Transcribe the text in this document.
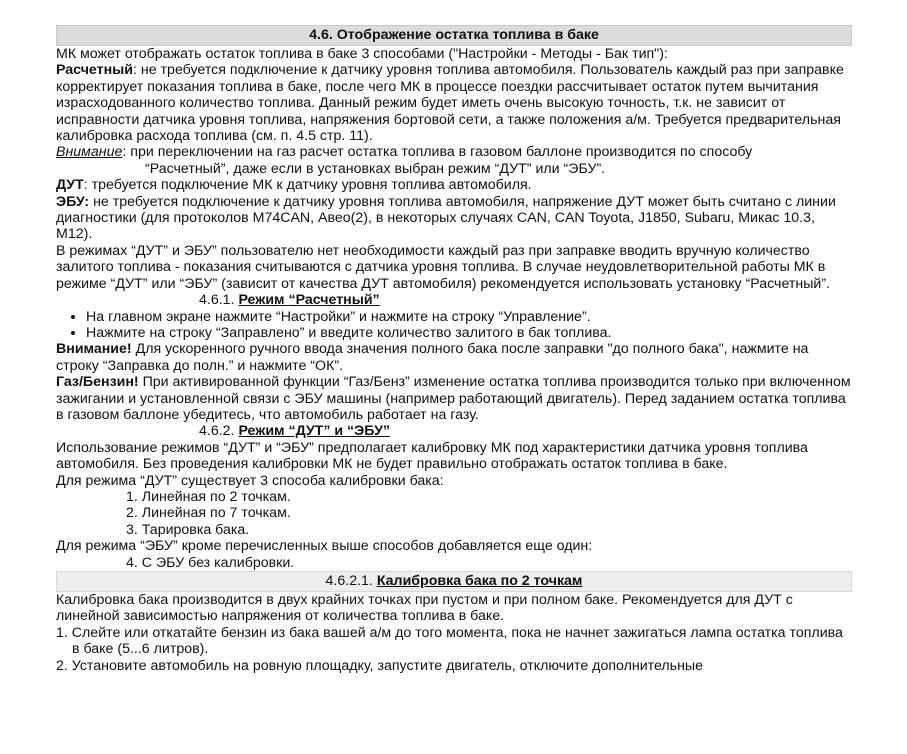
4.6. Отображение остатка топлива в баке

МК может отображать остаток топлива в баке 3 способами ("Настройки - Методы - Бак тип"):

Расчетный: не требуется подключение к датчику уровня топлива автомобиля. Пользователь каждый раз при заправке корректирует показания топлива в баке, после чего МК в процессе поездки рассчитывает остаток путем вычитания израсходованного количество топлива. Данный режим будет иметь очень высокую точность, т.к. не зависит от исправности датчика уровня топлива, напряжения бортовой сети, а также положения а/м. Требуется предварительная калибровка расхода топлива (см. п. 4.5 стр. 11).

Внимание: при переключении на газ расчет остатка топлива в газовом баллоне производится по способу

“Расчетный”, даже если в установках выбран режим “ДУТ” или “ЭБУ”.

ДУТ: требуется подключение МК к датчику уровня топлива автомобиля.

ЭБУ: не требуется подключение к датчику уровня топлива автомобиля, напряжение ДУТ может быть считано с линии диагностики (для протоколов M74CAN, Авео(2), в некоторых случаях CAN, CAN Toyota, J1850, Subaru, Микас 10.3, M12).

В режимах “ДУТ” и ЭБУ” пользователю нет необходимости каждый раз при заправке вводить вручную количество залитого топлива - показания считываются с датчика уровня топлива. В случае неудовлетворительной работы МК в режиме “ДУТ” или “ЭБУ” (зависит от качества ДУТ автомобиля) рекомендуется использовать установку “Расчетный”.

4.6.1. Режим “Расчетный”
• Нa главном экране нажмите “Настройки” и нажмите на строку “Управление”.
• Нажмите на строку “Заправлено” и введите количество залитого в бак топлива.

Внимание! Для ускоренного ручного ввода значения полного бака после заправки "до полного бака", нажмите на строку “Заправка до полн.” и нажмите “ОК”.

Газ/Бензин! При активированной функции “Газ/Бенз” изменение остатка топлива производится только при включенном зажигании и установленной связи с ЭБУ машины (например работающий двигатель). Перед заданием остатка топлива в газовом баллоне убедитесь, что автомобиль работает на газу.

4.6.2. Режим “ДУТ” и “ЭБУ”

Использование режимов “ДУТ” и “ЭБУ” предполагает калибровку МК под характеристики датчика уровня топлива автомобиля. Без проведения калибровки МК не будет правильно отображать остаток топлива в баке.

Для режима “ДУТ” существует 3 способа калибровки бака:

1. Линейная по 2 точкам.
2. Линейная по 7 точкам.
3. Тарировка бака.

Для режима “ЭБУ” кроме перечисленных выше способов добавляется еще один:

4. С ЭБУ без калибровки.
4.6.2.1. Калибровка бака по 2 точкам

Калибровка бака производится в двух крайних точках при пустом и при полном баке. Рекомендуется для ДУТ с линейной зависимостью напряжения от количества топлива в баке.

1. Слейте или откатайте бензин из бака вашей а/м до того момента, пока не начнет зажигаться лампа остатка топлива в баке (5...6 литров).

2. Установите автомобиль на ровную площадку, запустите двигатель, отключите дополнительные
